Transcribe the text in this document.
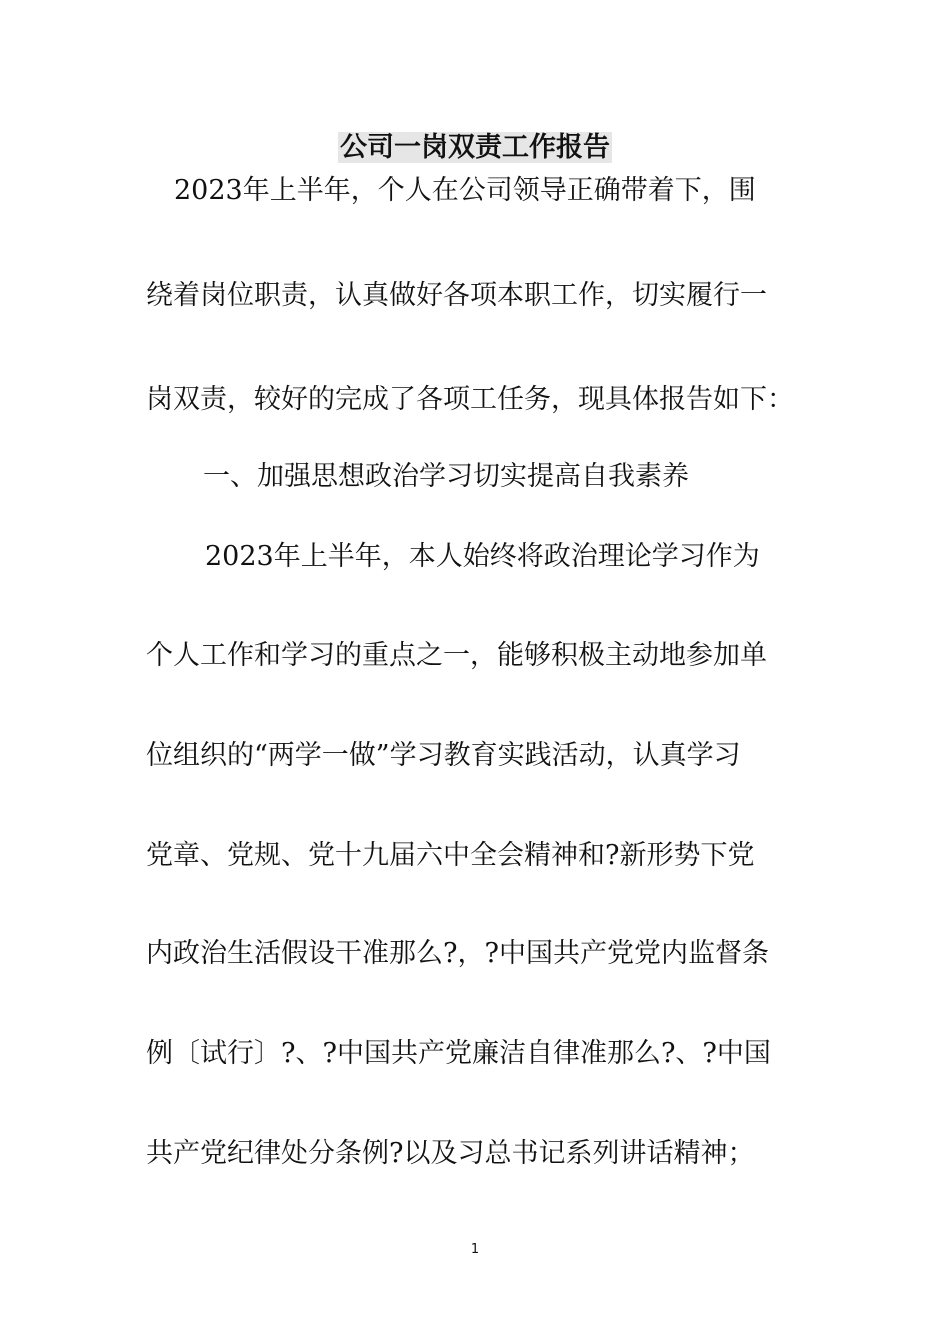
公司一岗双责工作报告
2023年上半年，个人在公司领导正确带着下，围
绕着岗位职责，认真做好各项本职工作，切实履行一
岗双责，较好的完成了各项工任务，现具体报告如下：
一、加强思想政治学习切实提高自我素养
2023年上半年，本人始终将政治理论学习作为
个人工作和学习的重点之一，能够积极主动地参加单
位组织的“两学一做”学习教育实践活动，认真学习
党章、党规、党十九届六中全会精神和?新形势下党
内政治生活假设干准那么?，?中国共产党党内监督条
例〔试行〕?、?中国共产党廉洁自律准那么?、?中国
共产党纪律处分条例?以及习总书记系列讲话精神；
1
